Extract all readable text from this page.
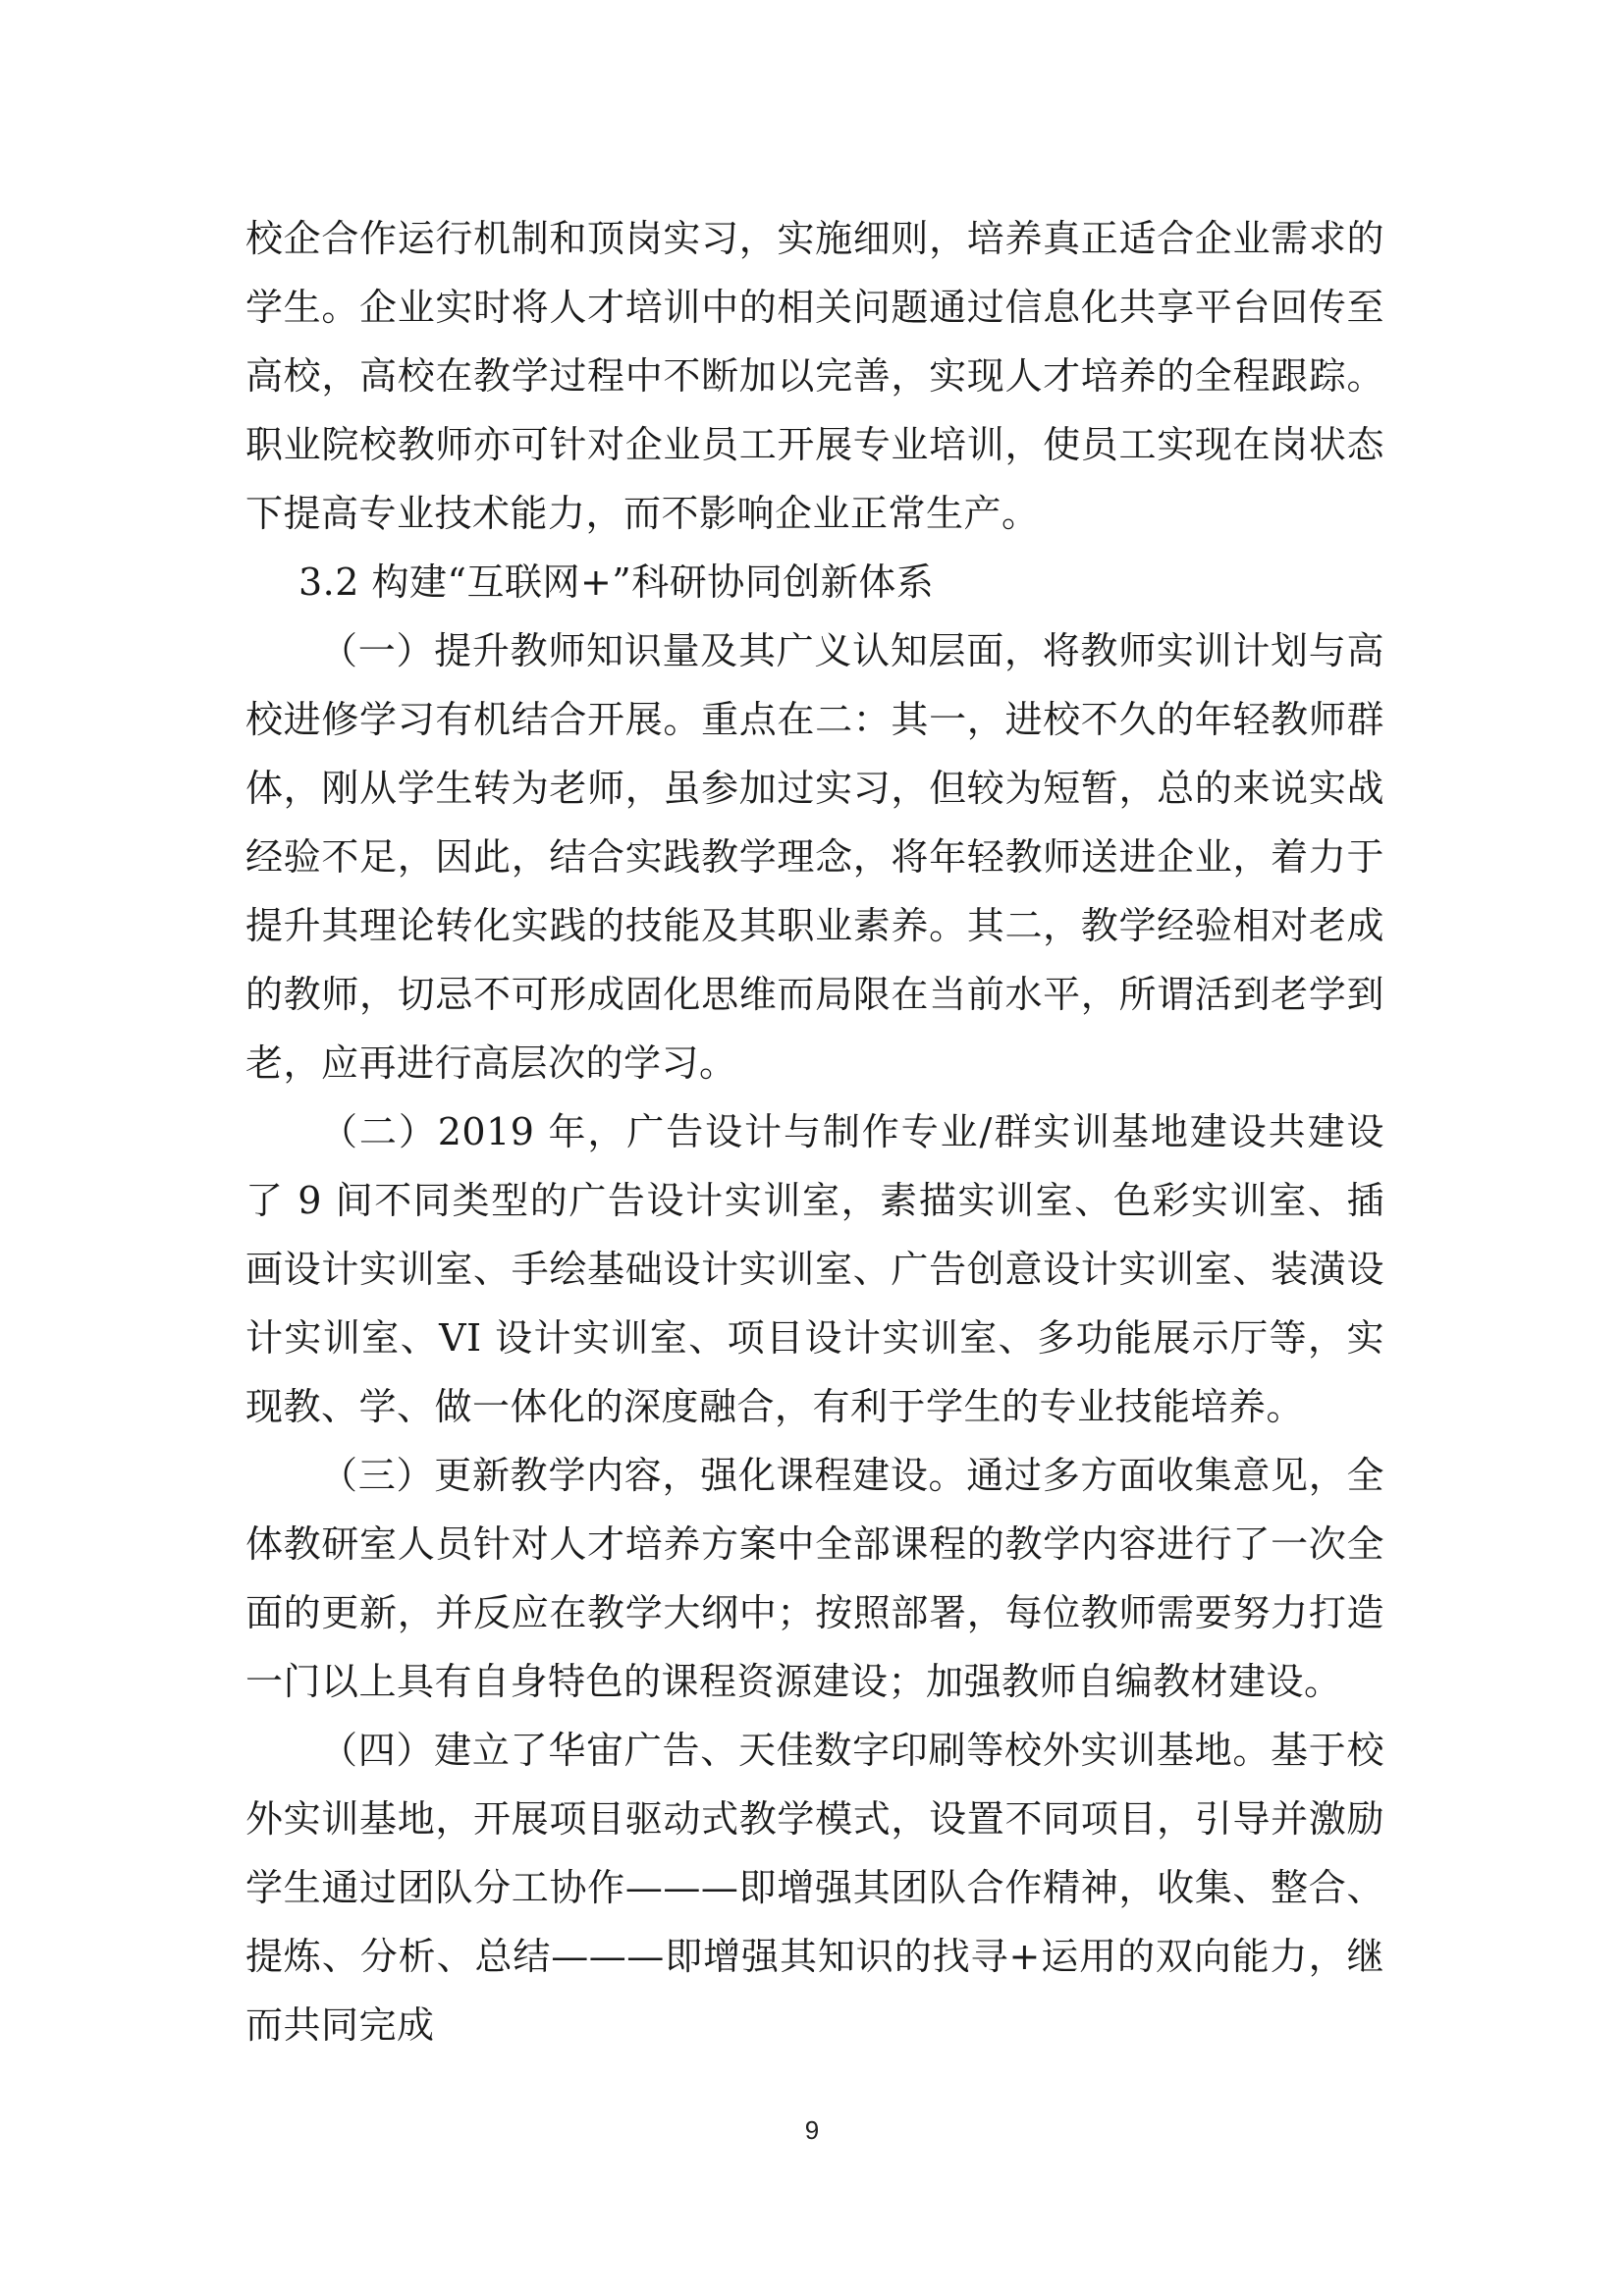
校企合作运行机制和顶岗实习，实施细则，培养真正适合企业需求的学生。企业实时将人才培训中的相关问题通过信息化共享平台回传至高校，高校在教学过程中不断加以完善，实现人才培养的全程跟踪。职业院校教师亦可针对企业员工开展专业培训，使员工实现在岗状态下提高专业技术能力，而不影响企业正常生产。

3.2 构建“互联网+”科研协同创新体系

（一）提升教师知识量及其广义认知层面，将教师实训计划与高校进修学习有机结合开展。重点在二：其一，进校不久的年轻教师群体，刚从学生转为老师，虽参加过实习，但较为短暂，总的来说实战经验不足，因此，结合实践教学理念，将年轻教师送进企业，着力于提升其理论转化实践的技能及其职业素养。其二，教学经验相对老成的教师，切忌不可形成固化思维而局限在当前水平，所谓活到老学到老，应再进行高层次的学习。

（二）2019 年，广告设计与制作专业/群实训基地建设共建设了 9 间不同类型的广告设计实训室，素描实训室、色彩实训室、插画设计实训室、手绘基础设计实训室、广告创意设计实训室、装潢设计实训室、VI 设计实训室、项目设计实训室、多功能展示厅等，实现教、学、做一体化的深度融合，有利于学生的专业技能培养。

（三）更新教学内容，强化课程建设。通过多方面收集意见，全体教研室人员针对人才培养方案中全部课程的教学内容进行了一次全面的更新，并反应在教学大纲中；按照部署，每位教师需要努力打造一门以上具有自身特色的课程资源建设；加强教师自编教材建设。

（四）建立了华宙广告、天佳数字印刷等校外实训基地。基于校外实训基地，开展项目驱动式教学模式，设置不同项目，引导并激励学生通过团队分工协作———即增强其团队合作精神，收集、整合、提炼、分析、总结———即增强其知识的找寻+运用的双向能力，继而共同完成

9
